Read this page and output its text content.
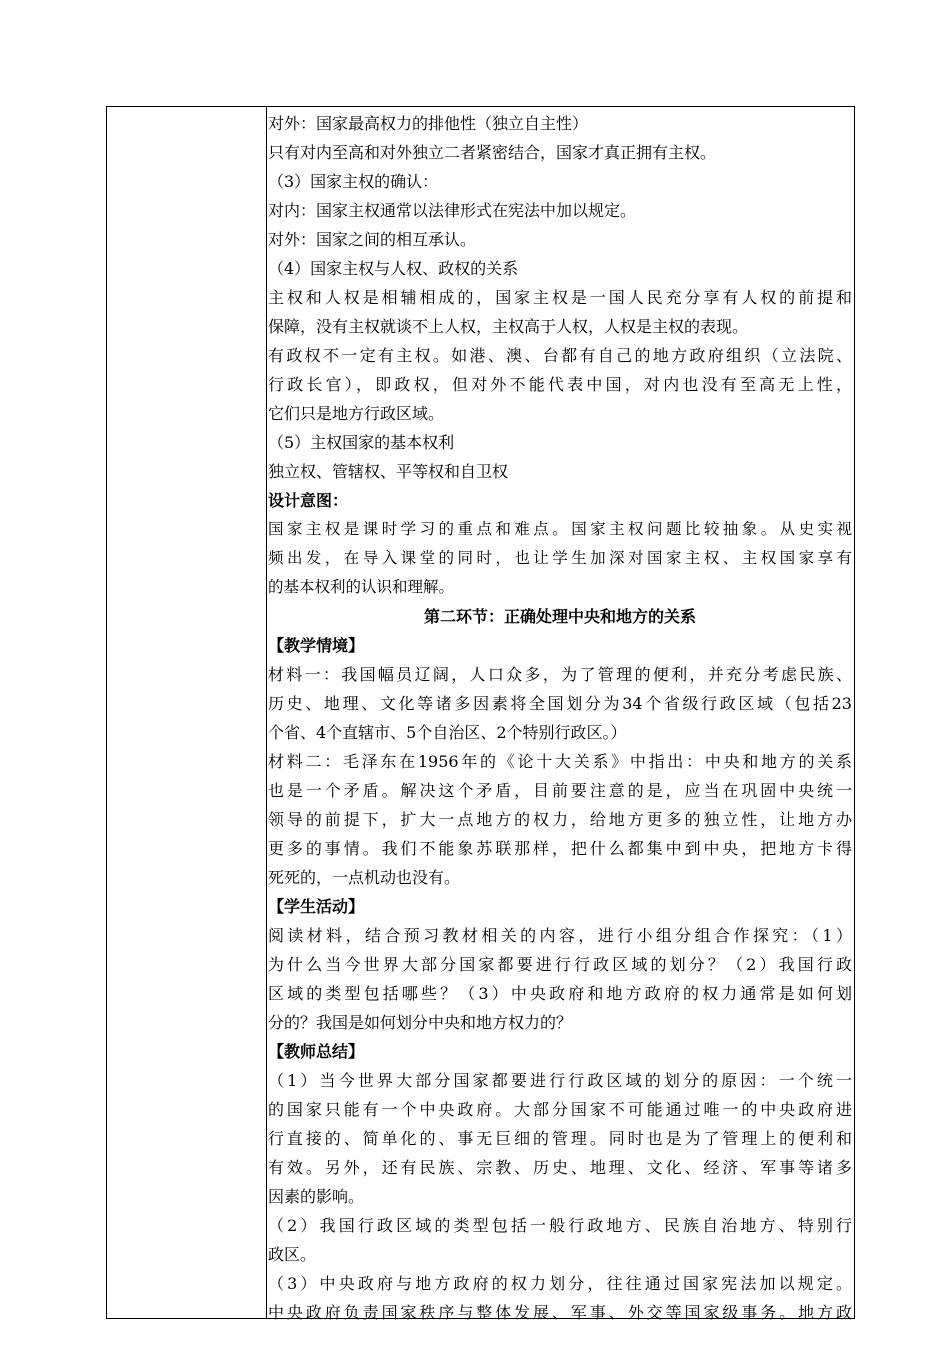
对外：国家最高权力的排他性（独立自主性）
只有对内至高和对外独立二者紧密结合，国家才真正拥有主权。
（3）国家主权的确认：
对内：国家主权通常以法律形式在宪法中加以规定。
对外：国家之间的相互承认。
（4）国家主权与人权、政权的关系
主权和人权是相辅相成的，国家主权是一国人民充分享有人权的前提和
保障，没有主权就谈不上人权，主权高于人权，人权是主权的表现。
有政权不一定有主权。如港、澳、台都有自己的地方政府组织（立法院、
行政长官），即政权，但对外不能代表中国，对内也没有至高无上性，
它们只是地方行政区域。
（5）主权国家的基本权利
独立权、管辖权、平等权和自卫权
设计意图：
国家主权是课时学习的重点和难点。国家主权问题比较抽象。从史实视
频出发，在导入课堂的同时，也让学生加深对国家主权、主权国家享有
的基本权利的认识和理解。
第二环节：正确处理中央和地方的关系
【教学情境】
材料一：我国幅员辽阔，人口众多，为了管理的便利，并充分考虑民族、
历史、地理、文化等诸多因素将全国划分为34个省级行政区域（包括23
个省、4个直辖市、5个自治区、2个特别行政区。）
材料二：毛泽东在1956年的《论十大关系》中指出：中央和地方的关系
也是一个矛盾。解决这个矛盾，目前要注意的是，应当在巩固中央统一
领导的前提下，扩大一点地方的权力，给地方更多的独立性，让地方办
更多的事情。我们不能象苏联那样，把什么都集中到中央，把地方卡得
死死的，一点机动也没有。
【学生活动】
阅读材料，结合预习教材相关的内容，进行小组分组合作探究：（1）
为什么当今世界大部分国家都要进行行政区域的划分？（2）我国行政
区域的类型包括哪些？（3）中央政府和地方政府的权力通常是如何划
分的？我国是如何划分中央和地方权力的？
【教师总结】
（1）当今世界大部分国家都要进行行政区域的划分的原因：一个统一
的国家只能有一个中央政府。大部分国家不可能通过唯一的中央政府进
行直接的、简单化的、事无巨细的管理。同时也是为了管理上的便利和
有效。另外，还有民族、宗教、历史、地理、文化、经济、军事等诸多
因素的影响。
（2）我国行政区域的类型包括一般行政地方、民族自治地方、特别行
政区。
（3）中央政府与地方政府的权力划分，往往通过国家宪法加以规定。
中央政府负责国家秩序与整体发展、军事、外交等国家级事务。地方政
